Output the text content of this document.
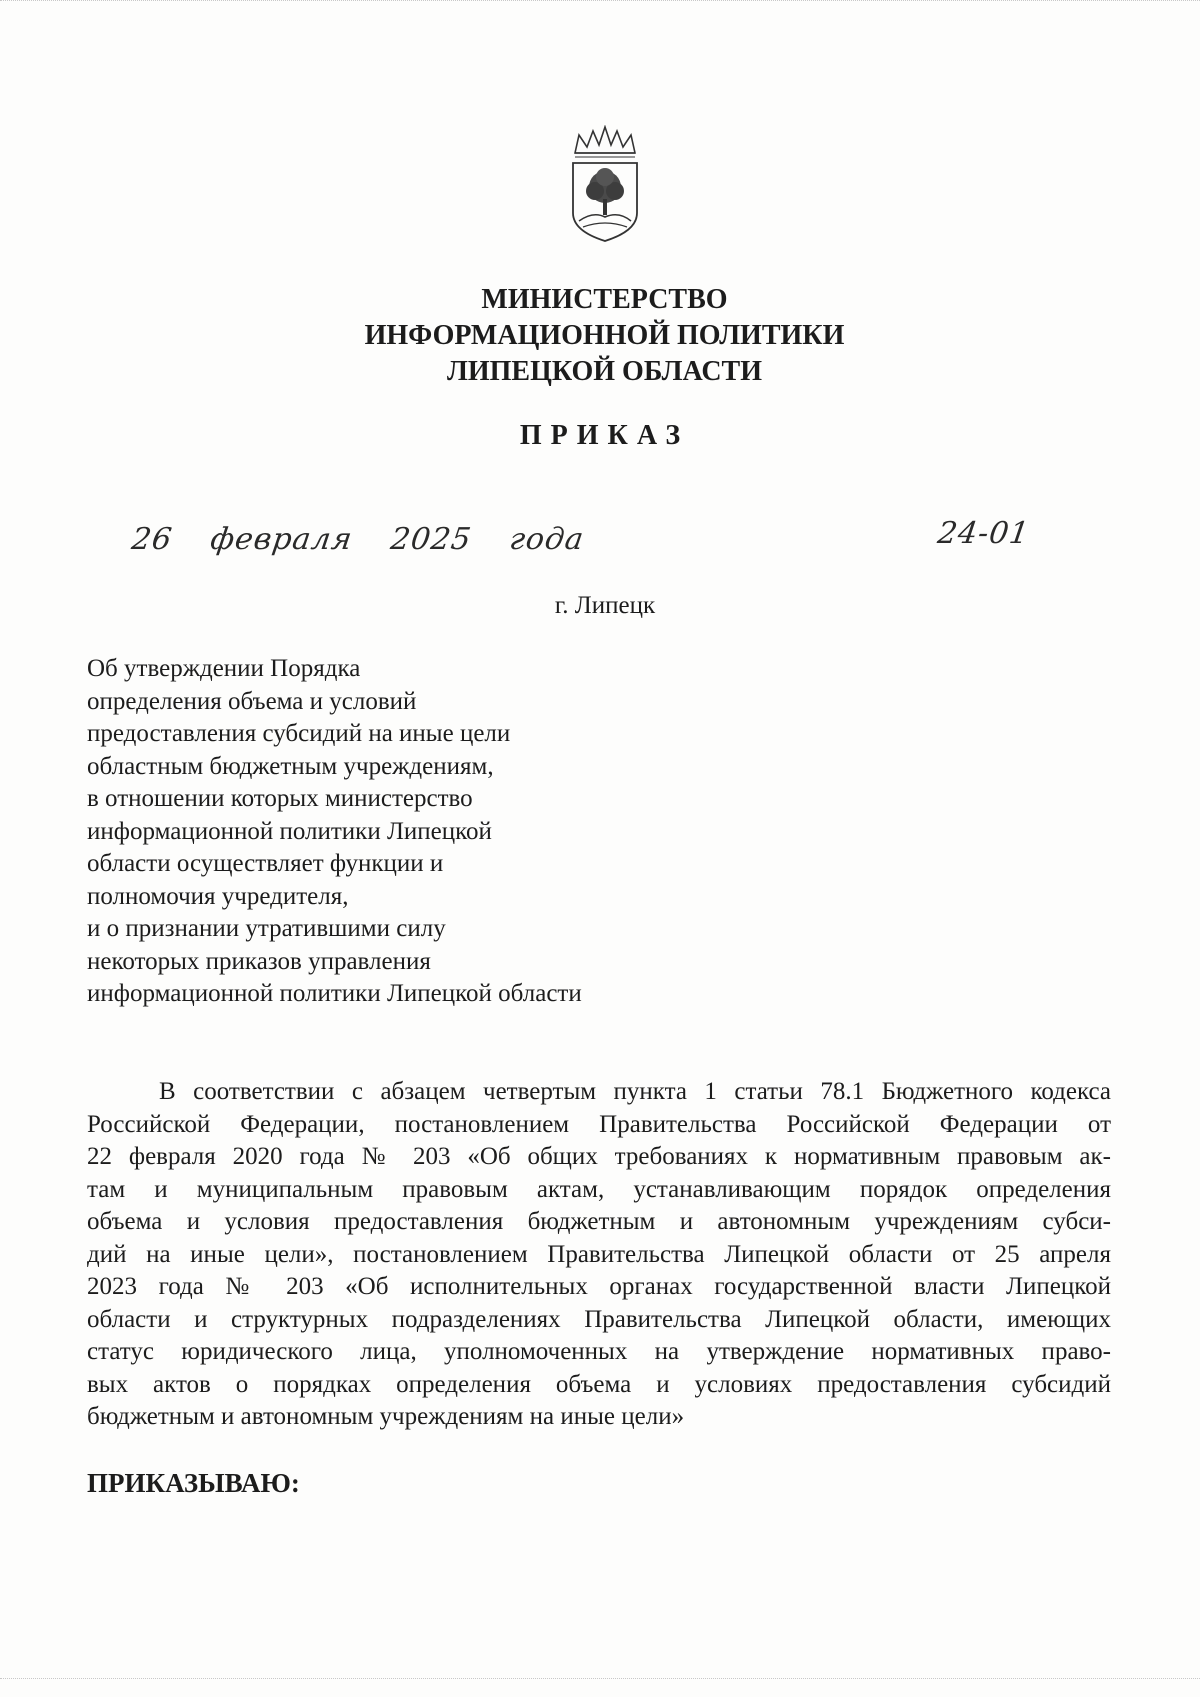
МИНИСТЕРСТВО
ИНФОРМАЦИОННОЙ ПОЛИТИКИ
ЛИПЕЦКОЙ ОБЛАСТИ
ПРИКАЗ
26 февраля 2025 года	24-01
г. Липецк
Об утверждении Порядка
определения объема и условий
предоставления субсидий на иные цели
областным бюджетным учреждениям,
в отношении которых министерство
информационной политики Липецкой
области осуществляет функции и
полномочия учредителя,
и о признании утратившими силу
некоторых приказов управления
информационной политики Липецкой области
В соответствии с абзацем четвертым пункта 1 статьи 78.1 Бюджетного кодекса
Российской Федерации, постановлением Правительства Российской Федерации от
22 февраля 2020 года № 203 «Об общих требованиях к нормативным правовым ак-
там и муниципальным правовым актам, устанавливающим порядок определения
объема и условия предоставления бюджетным и автономным учреждениям субси-
дий на иные цели», постановлением Правительства Липецкой области от 25 апреля
2023 года № 203 «Об исполнительных органах государственной власти Липецкой
области и структурных подразделениях Правительства Липецкой области, имеющих
статус юридического лица, уполномоченных на утверждение нормативных право-
вых актов о порядках определения объема и условиях предоставления субсидий
бюджетным и автономным учреждениям на иные цели»
ПРИКАЗЫВАЮ:
